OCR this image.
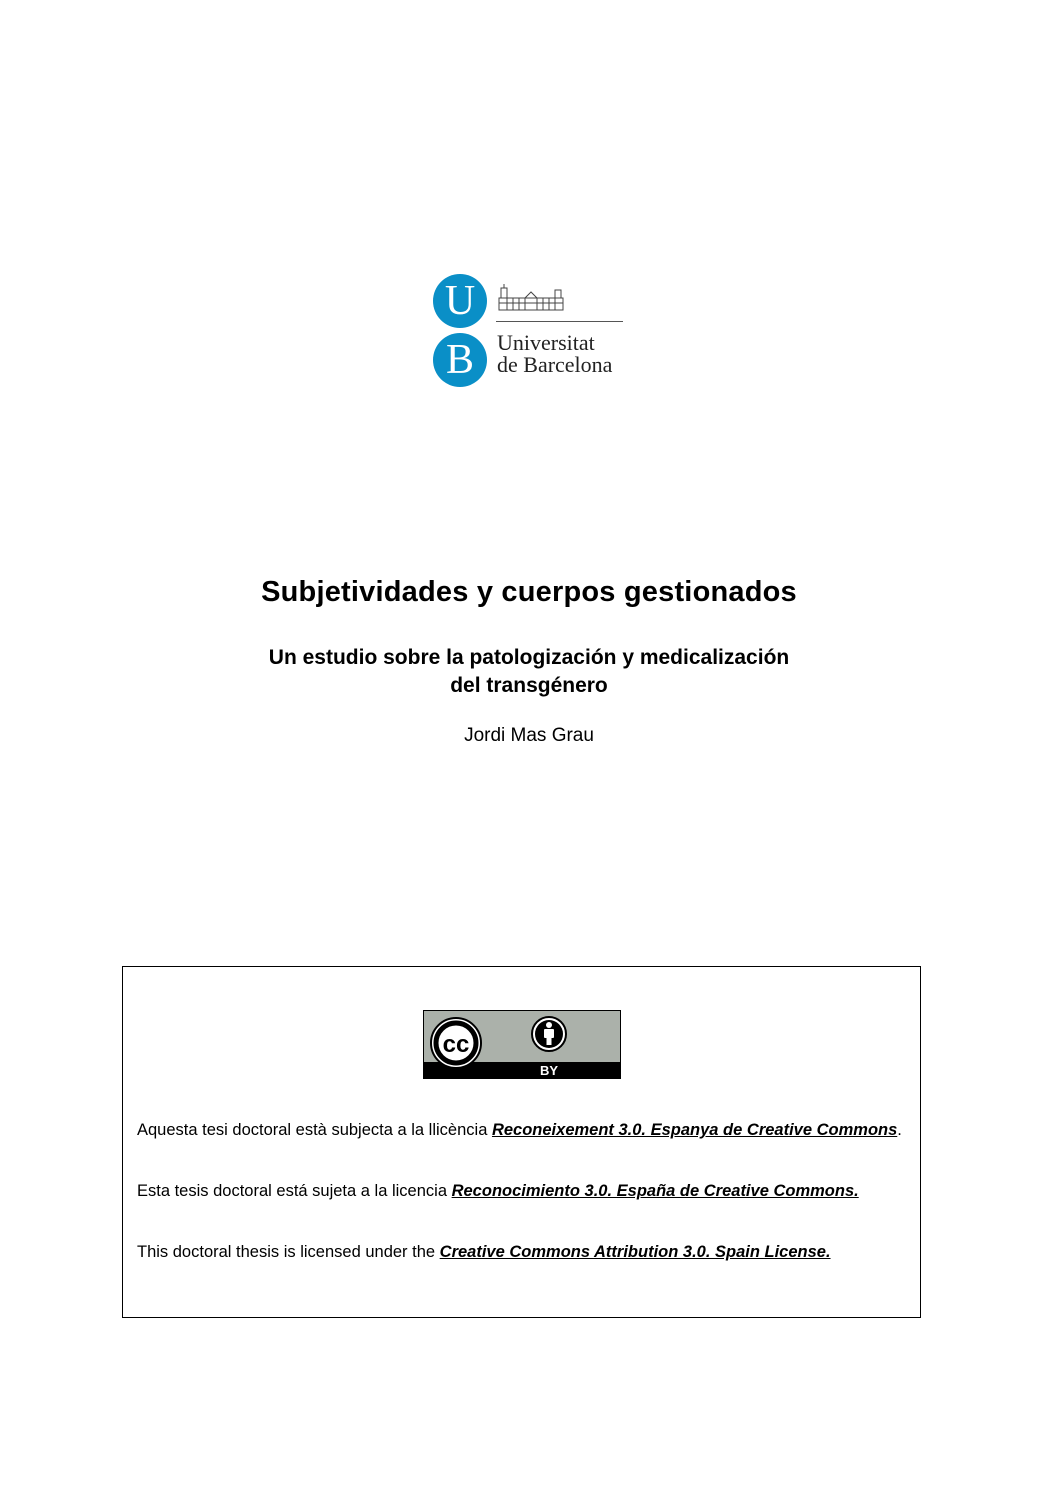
U
B	Universitat
de Barcelona
Subjetividades y cuerpos gestionados
Un estudio sobre la patologización y medicalización
del transgénero
Jordi Mas Grau
cc
BY
Aquesta tesi doctoral està subjecta a la llicència Reconeixement 3.0. Espanya de Creative Commons.
Esta tesis doctoral está sujeta a la licencia Reconocimiento 3.0. España de Creative Commons.
This doctoral thesis is licensed under the Creative Commons Attribution 3.0. Spain License.
